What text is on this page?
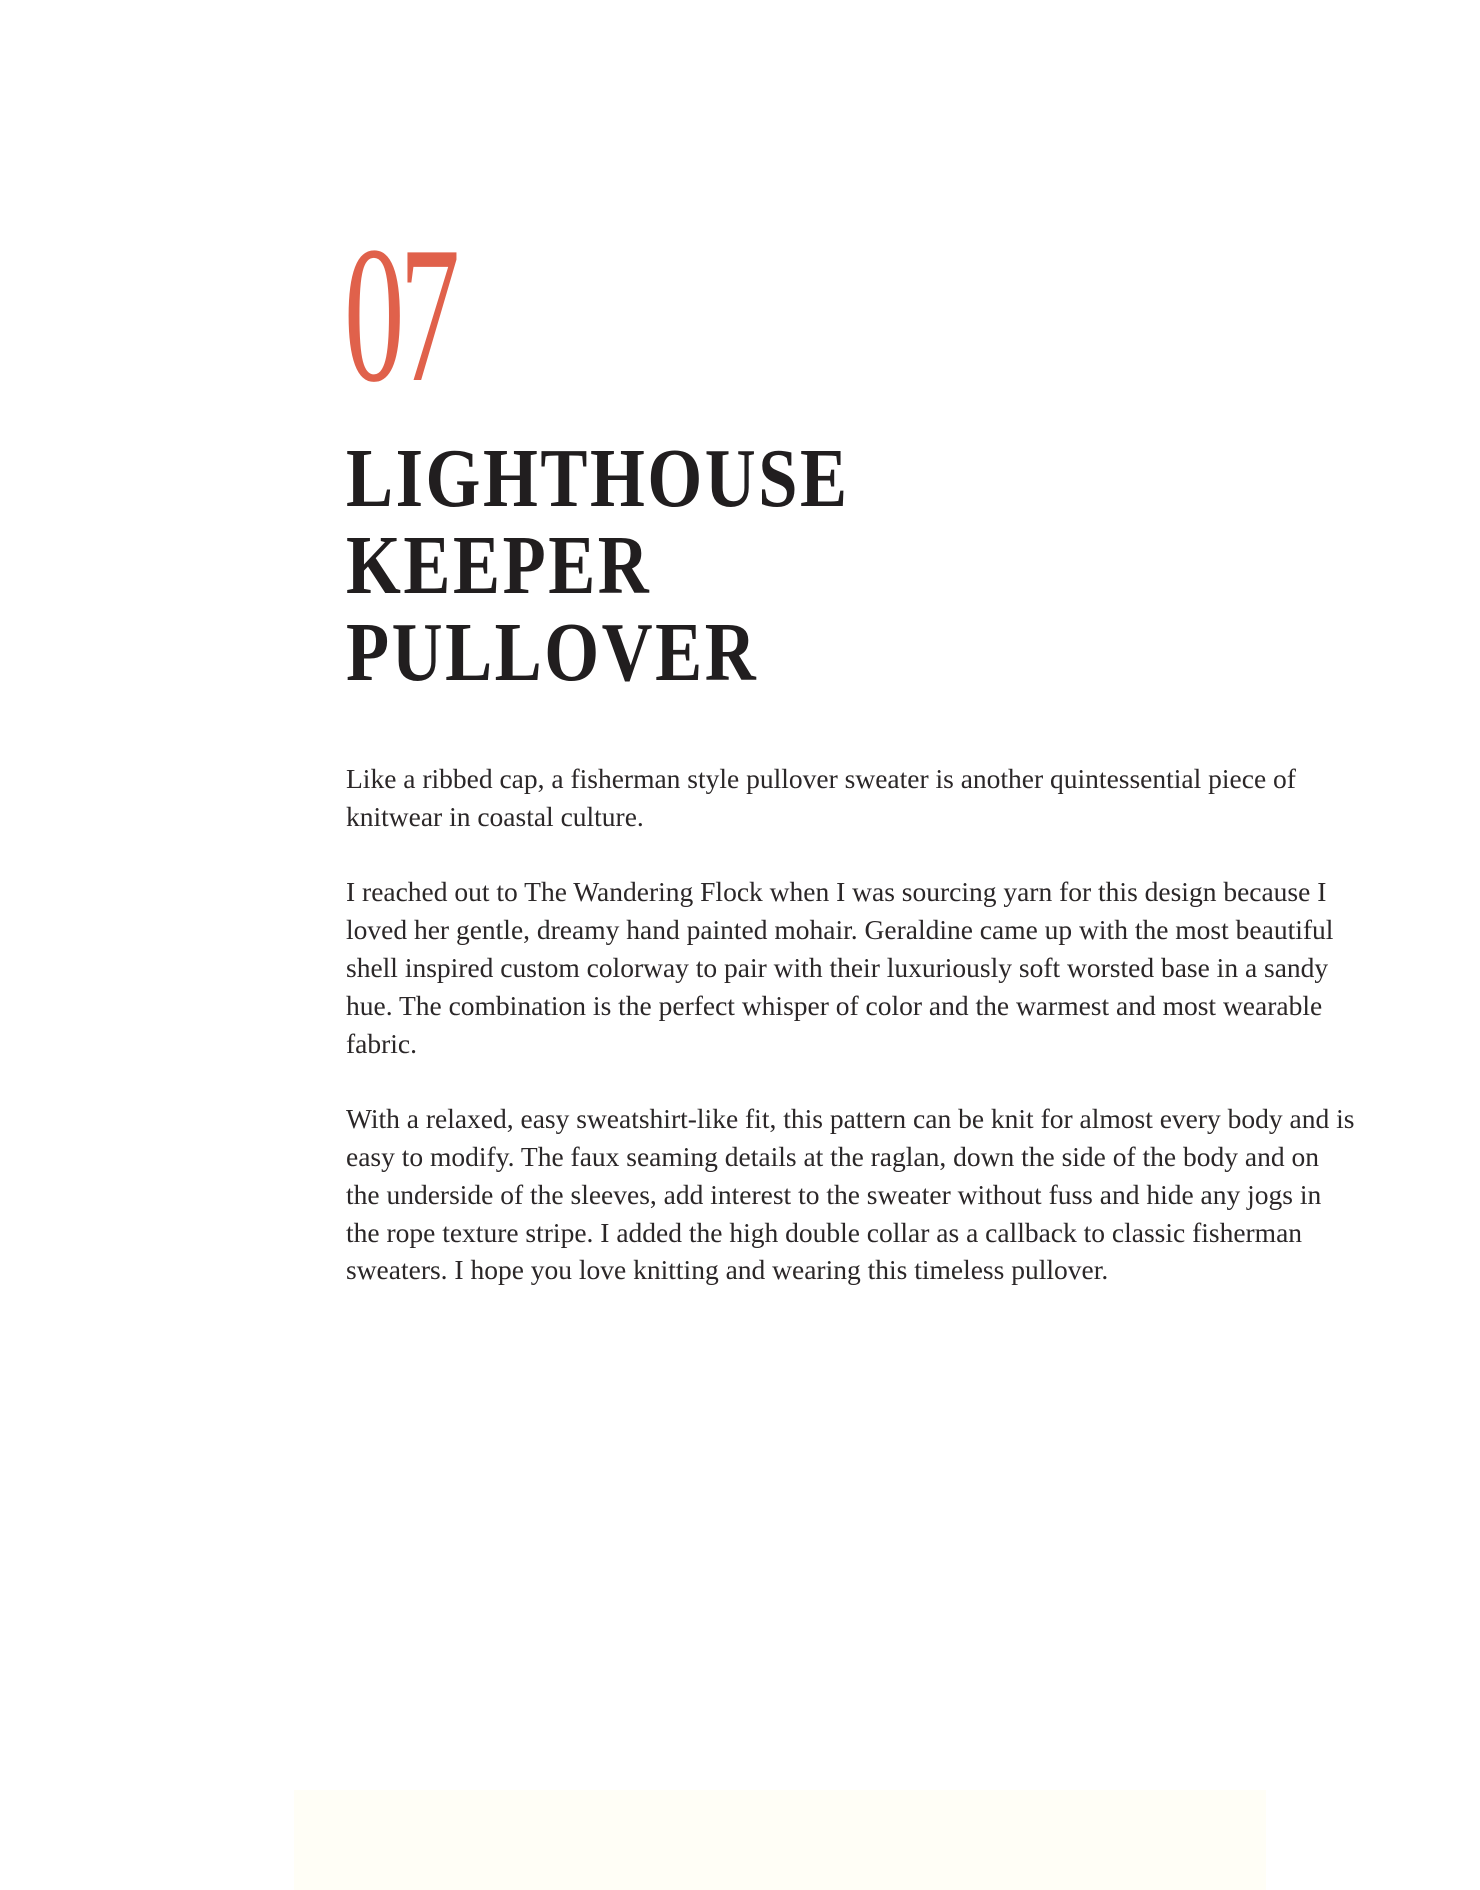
07
LIGHTHOUSE KEEPER
PULLOVER

Like a ribbed cap, a fisherman style pullover sweater is another quintessential piece of knitwear in coastal culture.

I reached out to The Wandering Flock when I was sourcing yarn for this design because I loved her gentle, dreamy hand painted mohair. Geraldine came up with the most beautiful shell inspired custom colorway to pair with their luxuriously soft worsted base in a sandy hue. The combination is the perfect whisper of color and the warmest and most wearable fabric.

With a relaxed, easy sweatshirt-like fit, this pattern can be knit for almost every body and is easy to modify. The faux seaming details at the raglan, down the side of the body and on the underside of the sleeves, add interest to the sweater without fuss and hide any jogs in the rope texture stripe. I added the high double collar as a callback to classic fisherman sweaters. I hope you love knitting and wearing this timeless pullover.
